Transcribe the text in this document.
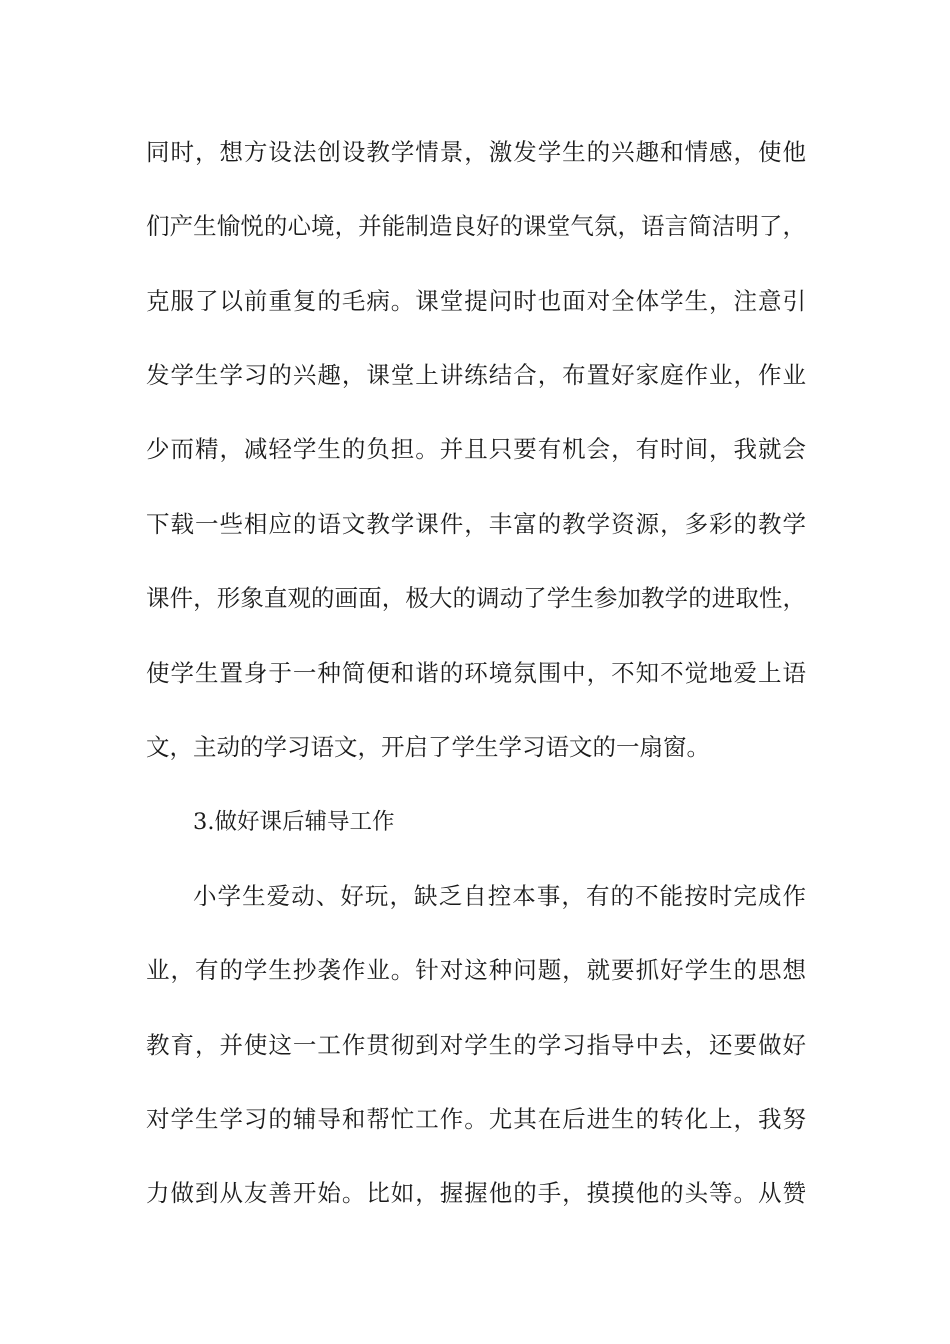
同时，想方设法创设教学情景，激发学生的兴趣和情感，使他
们产生愉悦的心境，并能制造良好的课堂气氛，语言简洁明了，
克服了以前重复的毛病。课堂提问时也面对全体学生，注意引
发学生学习的兴趣，课堂上讲练结合，布置好家庭作业，作业
少而精，减轻学生的负担。并且只要有机会，有时间，我就会
下载一些相应的语文教学课件，丰富的教学资源，多彩的教学
课件，形象直观的画面，极大的调动了学生参加教学的进取性，
使学生置身于一种简便和谐的环境氛围中，不知不觉地爱上语
文，主动的学习语文，开启了学生学习语文的一扇窗。
3.做好课后辅导工作
小学生爱动、好玩，缺乏自控本事，有的不能按时完成作
业，有的学生抄袭作业。针对这种问题，就要抓好学生的思想
教育，并使这一工作贯彻到对学生的学习指导中去，还要做好
对学生学习的辅导和帮忙工作。尤其在后进生的转化上，我努
力做到从友善开始。比如，握握他的手，摸摸他的头等。从赞
